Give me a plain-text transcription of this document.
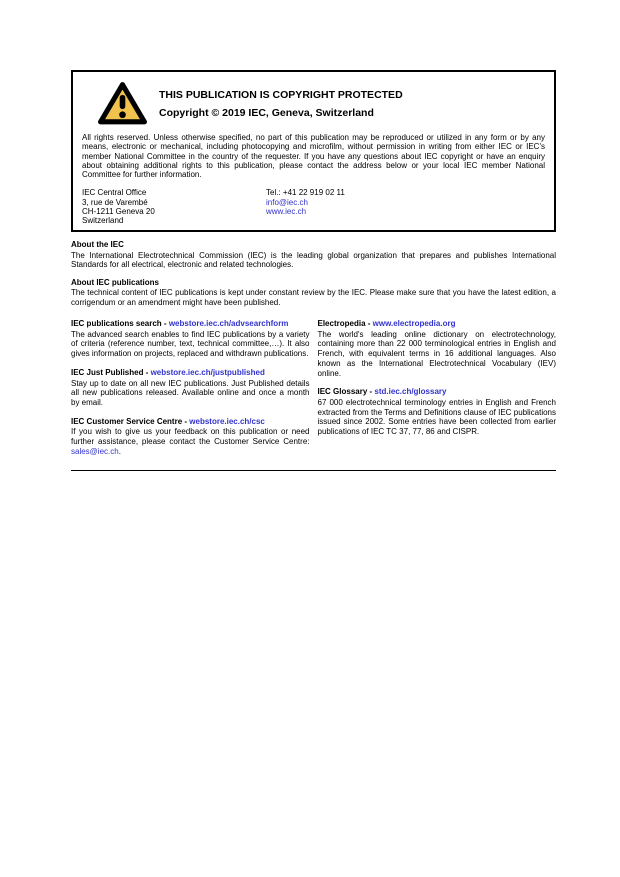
THIS PUBLICATION IS COPYRIGHT PROTECTED
Copyright © 2019 IEC, Geneva, Switzerland

All rights reserved. Unless otherwise specified, no part of this publication may be reproduced or utilized in any form or by any means, electronic or mechanical, including photocopying and microfilm, without permission in writing from either IEC or IEC's member National Committee in the country of the requester. If you have any questions about IEC copyright or have an enquiry about obtaining additional rights to this publication, please contact the address below or your local IEC member National Committee for further information.

IEC Central Office
3, rue de Varembé
CH-1211 Geneva 20
Switzerland
Tel.: +41 22 919 02 11
info@iec.ch
www.iec.ch
About the IEC

The International Electrotechnical Commission (IEC) is the leading global organization that prepares and publishes International Standards for all electrical, electronic and related technologies.

About IEC publications

The technical content of IEC publications is kept under constant review by the IEC. Please make sure that you have the latest edition, a corrigendum or an amendment might have been published.

IEC publications search - webstore.iec.ch/advsearchform

The advanced search enables to find IEC publications by a variety of criteria (reference number, text, technical committee,…). It also gives information on projects, replaced and withdrawn publications.

IEC Just Published - webstore.iec.ch/justpublished

Stay up to date on all new IEC publications. Just Published details all new publications released. Available online and once a month by email.

IEC Customer Service Centre - webstore.iec.ch/csc

If you wish to give us your feedback on this publication or need further assistance, please contact the Customer Service Centre: sales@iec.ch.

Electropedia - www.electropedia.org

The world's leading online dictionary on electrotechnology, containing more than 22 000 terminological entries in English and French, with equivalent terms in 16 additional languages. Also known as the International Electrotechnical Vocabulary (IEV) online.

IEC Glossary - std.iec.ch/glossary

67 000 electrotechnical terminology entries in English and French extracted from the Terms and Definitions clause of IEC publications issued since 2002. Some entries have been collected from earlier publications of IEC TC 37, 77, 86 and CISPR.
